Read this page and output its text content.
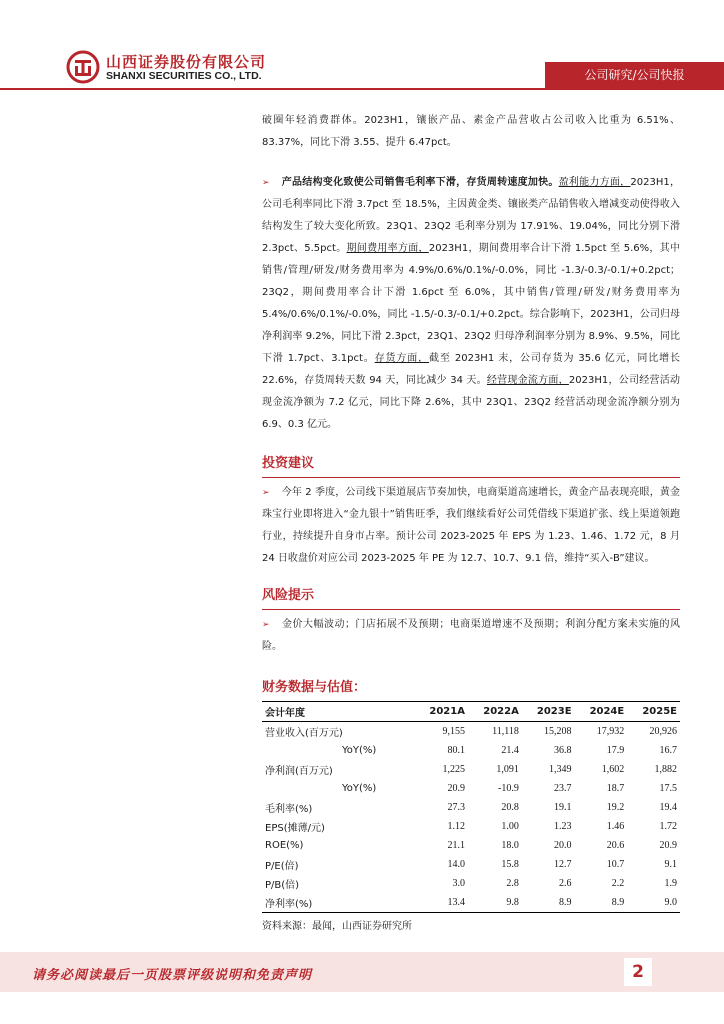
山西证券股份有限公司
SHANXI SECURITIES CO., LTD.	公司研究/公司快报

破圈年轻消费群体。2023H1，镶嵌产品、素金产品营收占公司收入比重为 6.51%、83.37%，同比下滑 3.55、提升 6.47pct。

➢ 产品结构变化致使公司销售毛利率下滑，存货周转速度加快。盈利能力方面，2023H1，公司毛利率同比下滑 3.7pct 至 18.5%，主因黄金类、镶嵌类产品销售收入增减变动使得收入结构发生了较大变化所致。23Q1、23Q2 毛利率分别为 17.91%、19.04%，同比分别下滑 2.3pct、5.5pct。期间费用率方面，2023H1，期间费用率合计下滑 1.5pct 至 5.6%，其中销售/管理/研发/财务费用率为 4.9%/0.6%/0.1%/-0.0%，同比 -1.3/-0.3/-0.1/+0.2pct；23Q2，期间费用率合计下滑 1.6pct 至 6.0%，其中销售/管理/研发/财务费用率为 5.4%/0.6%/0.1%/-0.0%，同比 -1.5/-0.3/-0.1/+0.2pct。综合影响下，2023H1，公司归母净利润率 9.2%，同比下滑 2.3pct，23Q1、23Q2 归母净利润率分别为 8.9%、9.5%，同比下滑 1.7pct、3.1pct。存货方面，截至 2023H1 末，公司存货为 35.6 亿元，同比增长 22.6%，存货周转天数 94 天，同比减少 34 天。经营现金流方面，2023H1，公司经营活动现金流净额为 7.2 亿元，同比下降 2.6%，其中 23Q1、23Q2 经营活动现金流净额分别为 6.9、0.3 亿元。

投资建议

➢ 今年 2 季度，公司线下渠道展店节奏加快，电商渠道高速增长，黄金产品表现亮眼，黄金珠宝行业即将进入“金九银十”销售旺季，我们继续看好公司凭借线下渠道扩张、线上渠道领跑行业，持续提升自身市占率。预计公司 2023-2025 年 EPS 为 1.23、1.46、1.72 元，8 月 24 日收盘价对应公司 2023-2025 年 PE 为 12.7、10.7、9.1 倍，维持“买入-B”建议。

风险提示

➢ 金价大幅波动；门店拓展不及预期；电商渠道增速不及预期；利润分配方案未实施的风险。

财务数据与估值：
会计年度	2021A	2022A	2023E	2024E	2025E
营业收入(百万元)	9,155	11,118	15,208	17,932	20,926
YoY(%)	80.1	21.4	36.8	17.9	16.7
净利润(百万元)	1,225	1,091	1,349	1,602	1,882
YoY(%)	20.9	-10.9	23.7	18.7	17.5
毛利率(%)	27.3	20.8	19.1	19.2	19.4
EPS(摊薄/元)	1.12	1.00	1.23	1.46	1.72
ROE(%)	21.1	18.0	20.0	20.6	20.9
P/E(倍)	14.0	15.8	12.7	10.7	9.1
P/B(倍)	3.0	2.8	2.6	2.2	1.9
净利率(%)	13.4	9.8	8.9	8.9	9.0
资料来源：最闻，山西证券研究所
请务必阅读最后一页股票评级说明和免责声明	2
